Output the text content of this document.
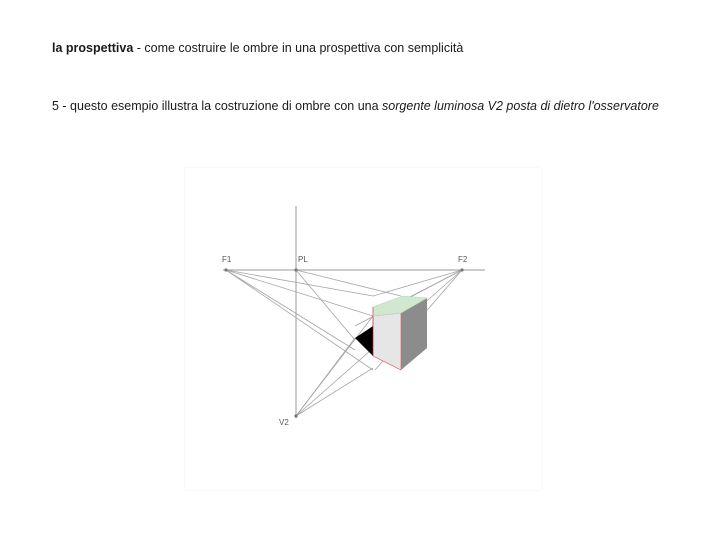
la prospettiva - come costruire le ombre in una prospettiva con semplicità
5 - questo esempio illustra la costruzione di ombre con una sorgente luminosa V2 posta di dietro l'osservatore
F1	PL	F2
V2
